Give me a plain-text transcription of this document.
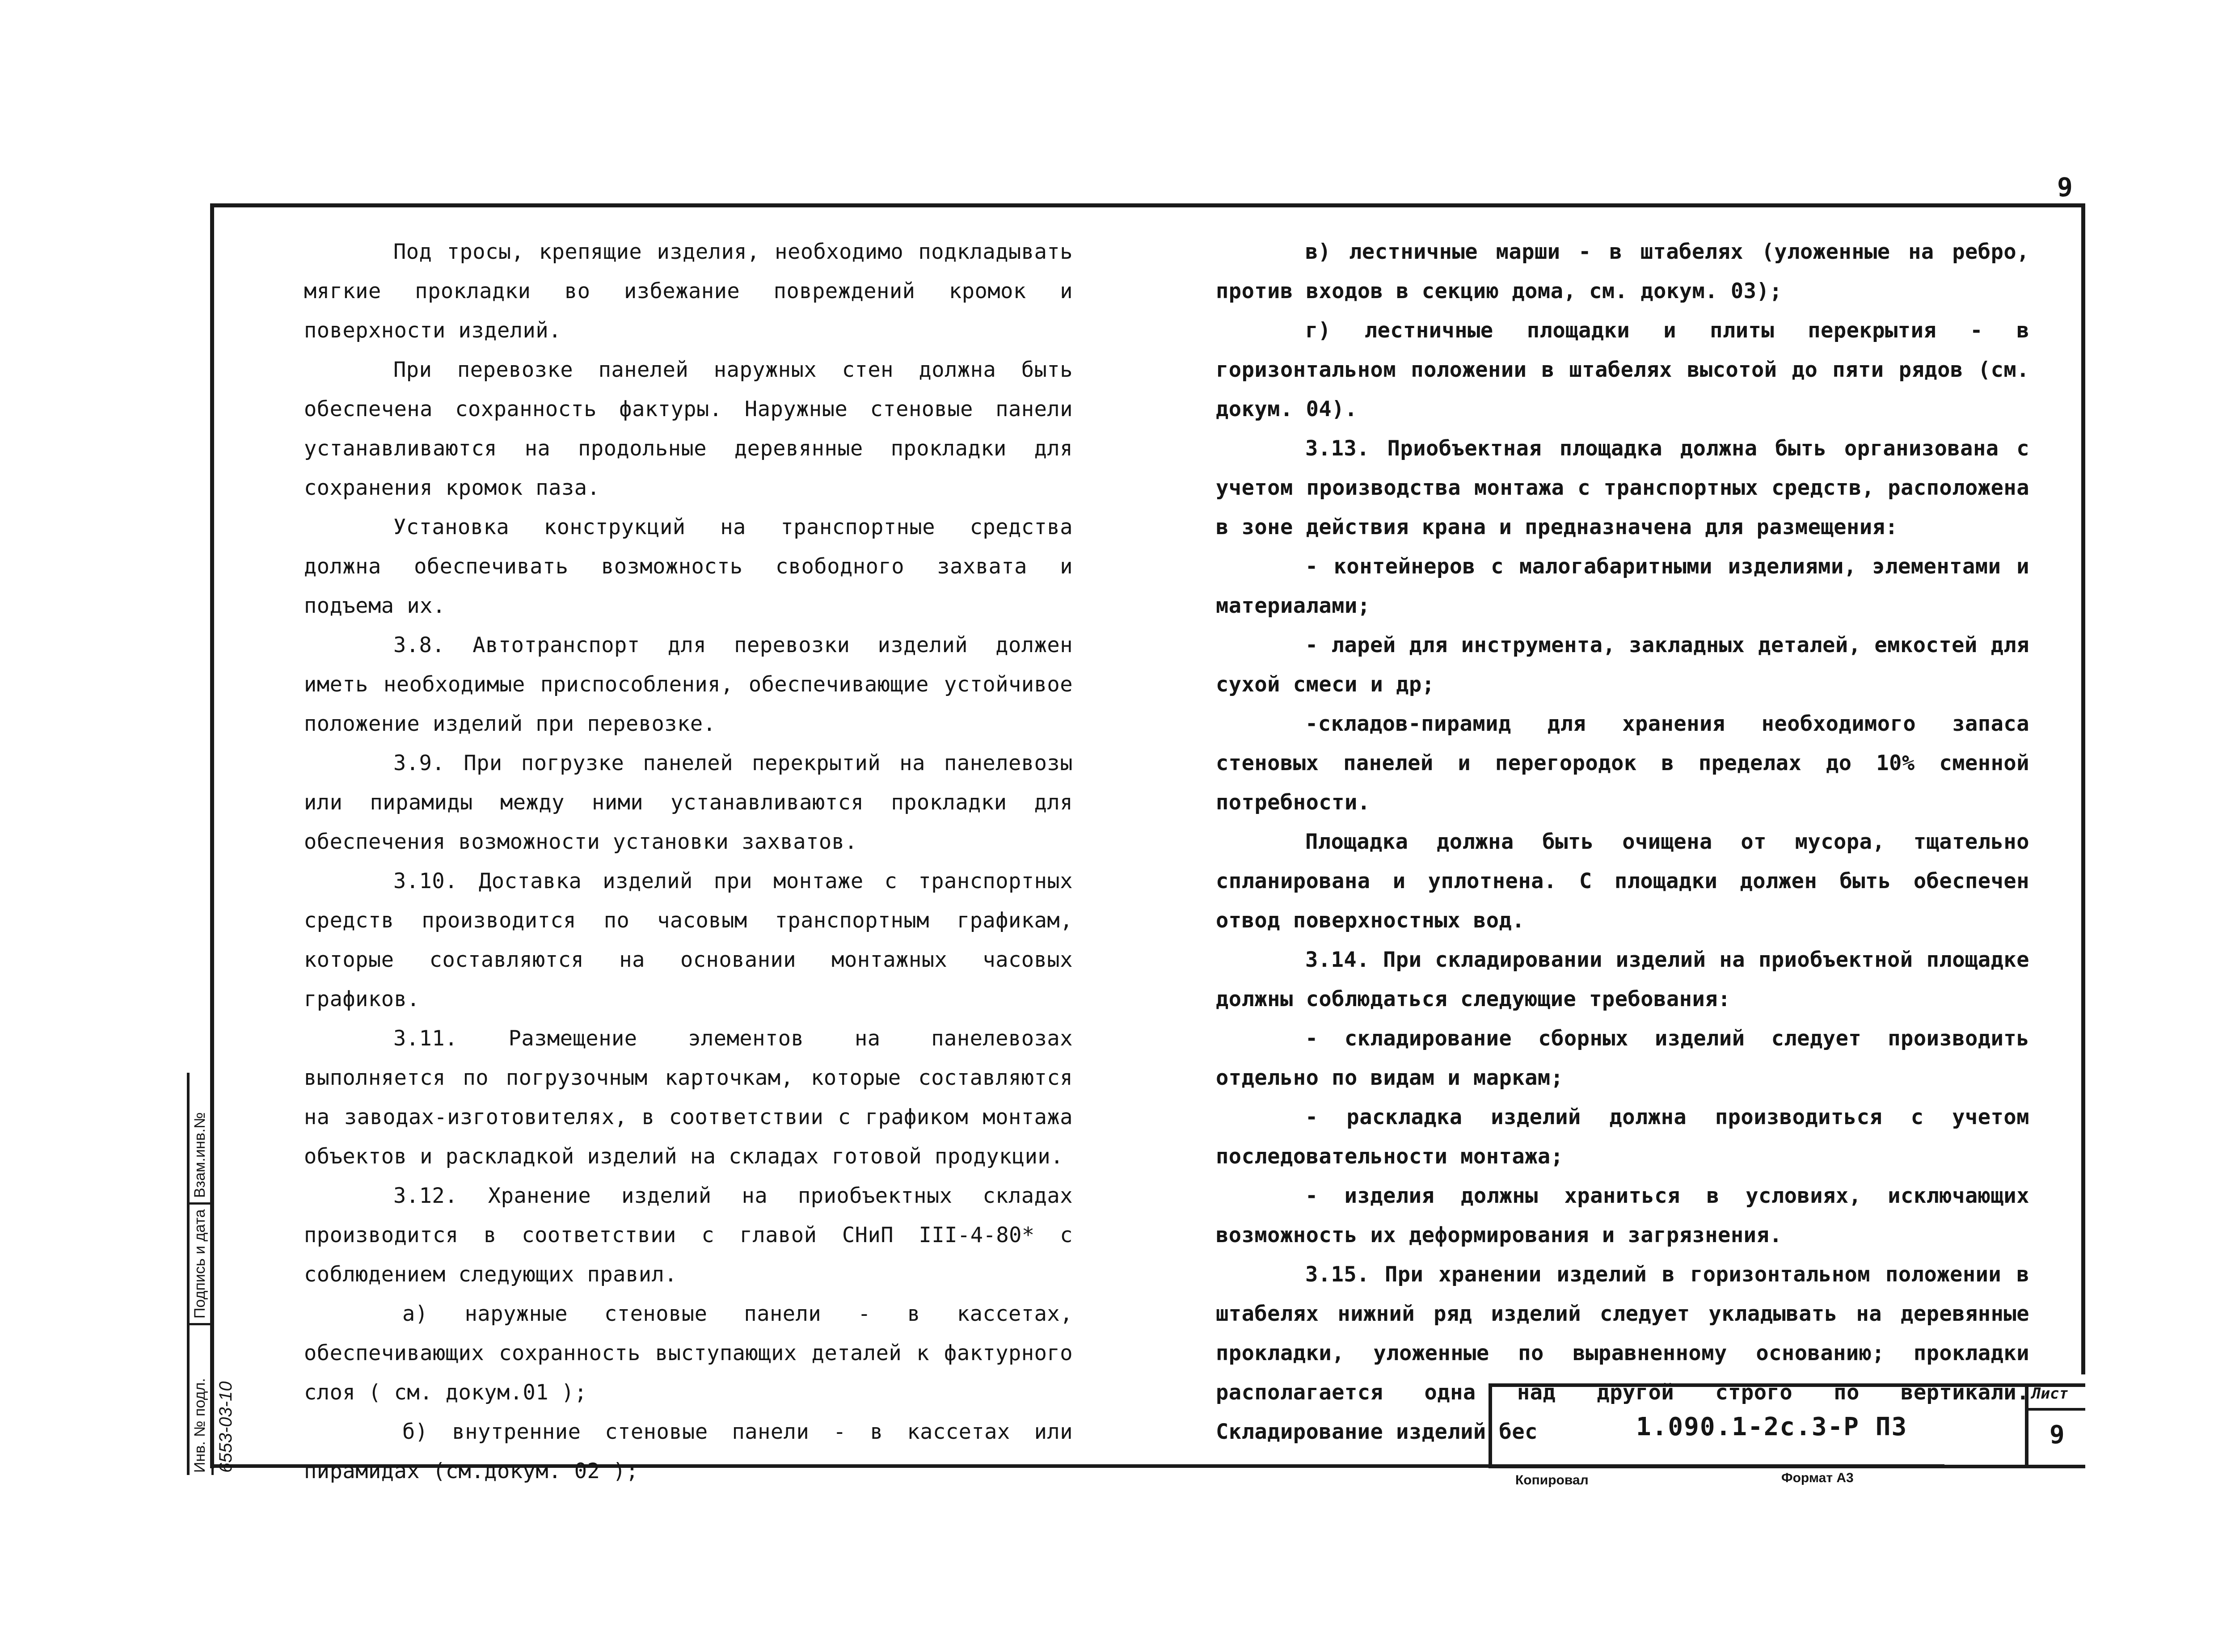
9

Под тросы, крепящие изделия, необходимо подкладывать мягкие прокладки во избежание повреждений кромок и поверхности изделий.

При перевозке панелей наружных стен должна быть обеспечена сохранность фактуры. Наружные стеновые панели устанавливаются на продольные деревянные прокладки для сохранения кромок паза.

Установка конструкций на транспортные средства должна обеспечивать возможность свободного захвата и подъема их.

3.8. Автотранспорт для перевозки изделий должен иметь необходимые приспособления, обеспечивающие устойчивое положение изделий при перевозке.

3.9. При погрузке панелей перекрытий на панелевозы или пирамиды между ними устанавливаются прокладки для обеспечения возможности установки захватов.

3.10. Доставка изделий при монтаже с транспортных средств производится по часовым транспортным графикам, которые составляются на основании монтажных часовых графиков.

3.11. Размещение элементов на панелевозах выполняется по погрузочным карточкам, которые составляются на заводах-изготовителях, в соответствии с графиком монтажа объектов и раскладкой изделий на складах готовой продукции.

3.12. Хранение изделий на приобъектных складах производится в соответствии с главой СНиП III-4-80* с соблюдением следующих правил.

а) наружные стеновые панели - в кассетах, обеспечивающих сохранность выступающих деталей к фактурного слоя ( см. докум.01 );

б) внутренние стеновые панели - в кассетах или пирамидах (см.докум. 02 );

в) лестничные марши - в штабелях (уложенные на ребро, против входов в секцию дома, см. докум. 03);

г) лестничные площадки и плиты перекрытия - в горизонтальном положении в штабелях высотой до пяти рядов (см. докум. 04).

3.13. Приобъектная площадка должна быть организована с учетом производства монтажа с транспортных средств, расположена в зоне действия крана и предназначена для размещения:

- контейнеров с малогабаритными изделиями, элементами и материалами;

- ларей для инструмента, закладных деталей, емкостей для сухой смеси и др;

-складов-пирамид для хранения необходимого запаса стеновых панелей и перегородок в пределах до 10% сменной потребности.

Площадка должна быть очищена от мусора, тщательно спланирована и уплотнена. С площадки должен быть обеспечен отвод поверхностных вод.

3.14. При складировании изделий на приобъектной площадке должны соблюдаться следующие требования:

- складирование сборных изделий следует производить отдельно по видам и маркам;

- раскладка изделий должна производиться с учетом последовательности монтажа;

- изделия должны храниться в условиях, исключающих возможность их деформирования и загрязнения.

3.15. При хранении изделий в горизонтальном положении в штабелях нижний ряд изделий следует укладывать на деревянные прокладки, уложенные по выравненному основанию; прокладки располагается одна над другой строго по вертикали. Складирование изделий бес	1.090.1-2с.3-Р ПЗ
Лист
9
Копировал	Формат А3
Взам.инв.№
Подпись и дата
Инв. № подл. 6553-03-10
